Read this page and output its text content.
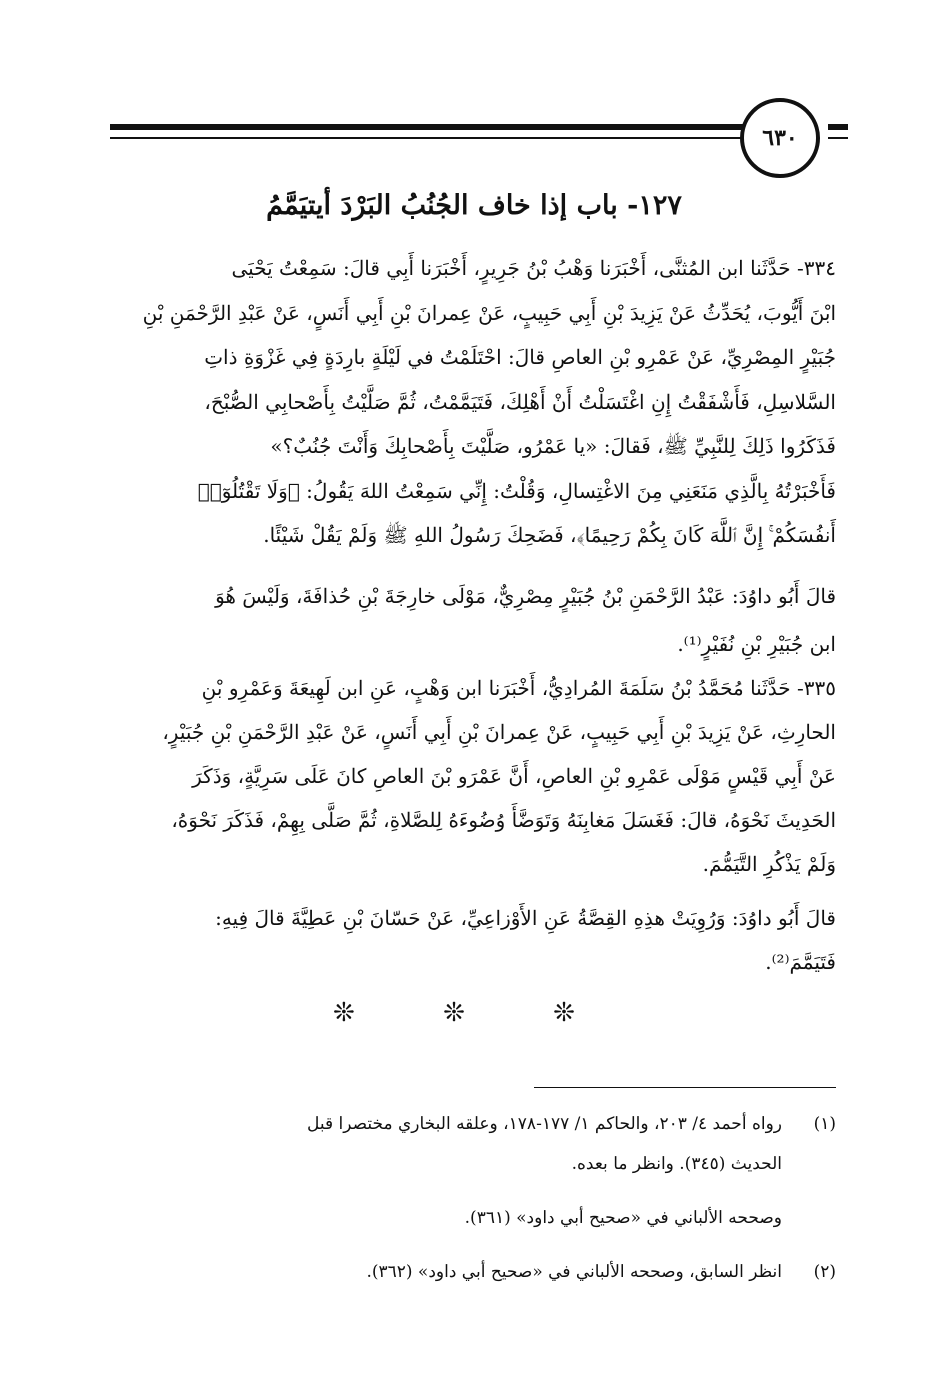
٦٣٠
١٢٧- باب إذا خاف الجُنُبُ البَرْدَ أيتيَمَّمُ
٣٣٤- حَدَّثَنا ابن المُثنَّى، أَخْبَرَنا وَهْبُ بْنُ جَرِيرٍ، أَخْبَرَنا أَبِي قالَ: سَمِعْتُ يَحْيَى
ابْنَ أَيُّوبَ، يُحَدِّثُ عَنْ يَزِيدَ بْنِ أَبِي حَبِيبٍ، عَنْ عِمرانَ بْنِ أَبِي أَنَسٍ، عَنْ عَبْدِ الرَّحْمَنِ بْنِ
جُبَيْرٍ المِصْرِيِّ، عَنْ عَمْرِو بْنِ العاصِ قالَ: احْتَلَمْتُ في لَيْلَةٍ بارِدَةٍ فِي غَزْوَةِ ذاتِ
السَّلاسِلِ، فَأَشْفَقْتُ إِنِ اغْتَسَلْتُ أَنْ أَهْلِكَ، فَتَيَمَّمْتُ، ثُمَّ صَلَّيْتُ بِأَصْحابِي الصُّبْحَ،
فَذَكَرُوا ذَلِكَ لِلنَّبِيِّ ﷺ، فَقالَ: «يا عَمْرُو، صَلَّيْتَ بِأَصْحابِكَ وَأَنْتَ جُنُبٌ؟»
فَأَخْبَرْتُهُ بِالَّذِي مَنَعَنِي مِنَ الاغْتِسالِ، وَقُلْتُ: إِنِّي سَمِعْتُ اللهَ يَقُولُ: ﴿وَلَا تَقْتُلُوٓا۟
أَنفُسَكُمْ ۚ إِنَّ ٱللَّهَ كَانَ بِكُمْ رَحِيمًا﴾، فَضَحِكَ رَسُولُ اللهِ ﷺ وَلَمْ يَقُلْ شَيْئًا.
قالَ أَبُو داوُدَ: عَبْدُ الرَّحْمَنِ بْنُ جُبَيْرٍ مِصْرِيٌّ، مَوْلَى خارِجَةَ بْنِ حُذافَةَ، وَلَيْسَ هُوَ
ابن جُبَيْرِ بْنِ نُفَيْرٍ⁽¹⁾.
٣٣٥- حَدَّثَنا مُحَمَّدُ بْنُ سَلَمَةَ المُرادِيُّ، أَخْبَرَنا ابن وَهْبٍ، عَنِ ابن لَهِيعَةَ وَعَمْرِو بْنِ
الحارِثِ، عَنْ يَزِيدَ بْنِ أَبِي حَبِيبٍ، عَنْ عِمرانَ بْنِ أَبِي أَنَسٍ، عَنْ عَبْدِ الرَّحْمَنِ بْنِ جُبَيْرٍ،
عَنْ أَبِي قَيْسٍ مَوْلَى عَمْرِو بْنِ العاصِ، أَنَّ عَمْرَو بْنَ العاصِ كانَ عَلَى سَرِيَّةٍ، وَذَكَرَ
الحَدِيثَ نَحْوَهُ، قالَ: فَغَسَلَ مَغابِنَهُ وَتَوَضَّأَ وُضُوءَهُ لِلصَّلاةِ، ثُمَّ صَلَّى بِهِمْ، فَذَكَرَ نَحْوَهُ،
وَلَمْ يَذْكُرِ التَّيَمُّمَ.
قالَ أَبُو داوُدَ: وَرُوِيَتْ هذِهِ القِصَّةُ عَنِ الأَوْزاعِيِّ، عَنْ حَسّانَ بْنِ عَطِيَّةَ قالَ فِيهِ:
فَتَيَمَّمَ⁽²⁾.
❊ ❊ ❊
(١)
رواه أحمد ٤/ ٢٠٣، والحاكم ١/ ١٧٧-١٧٨، وعلقه البخاري مختصرا قبل
الحديث (٣٤٥). وانظر ما بعده.
وصححه الألباني في «صحيح أبي داود» (٣٦١).
(٢)
انظر السابق، وصححه الألباني في «صحيح أبي داود» (٣٦٢).
